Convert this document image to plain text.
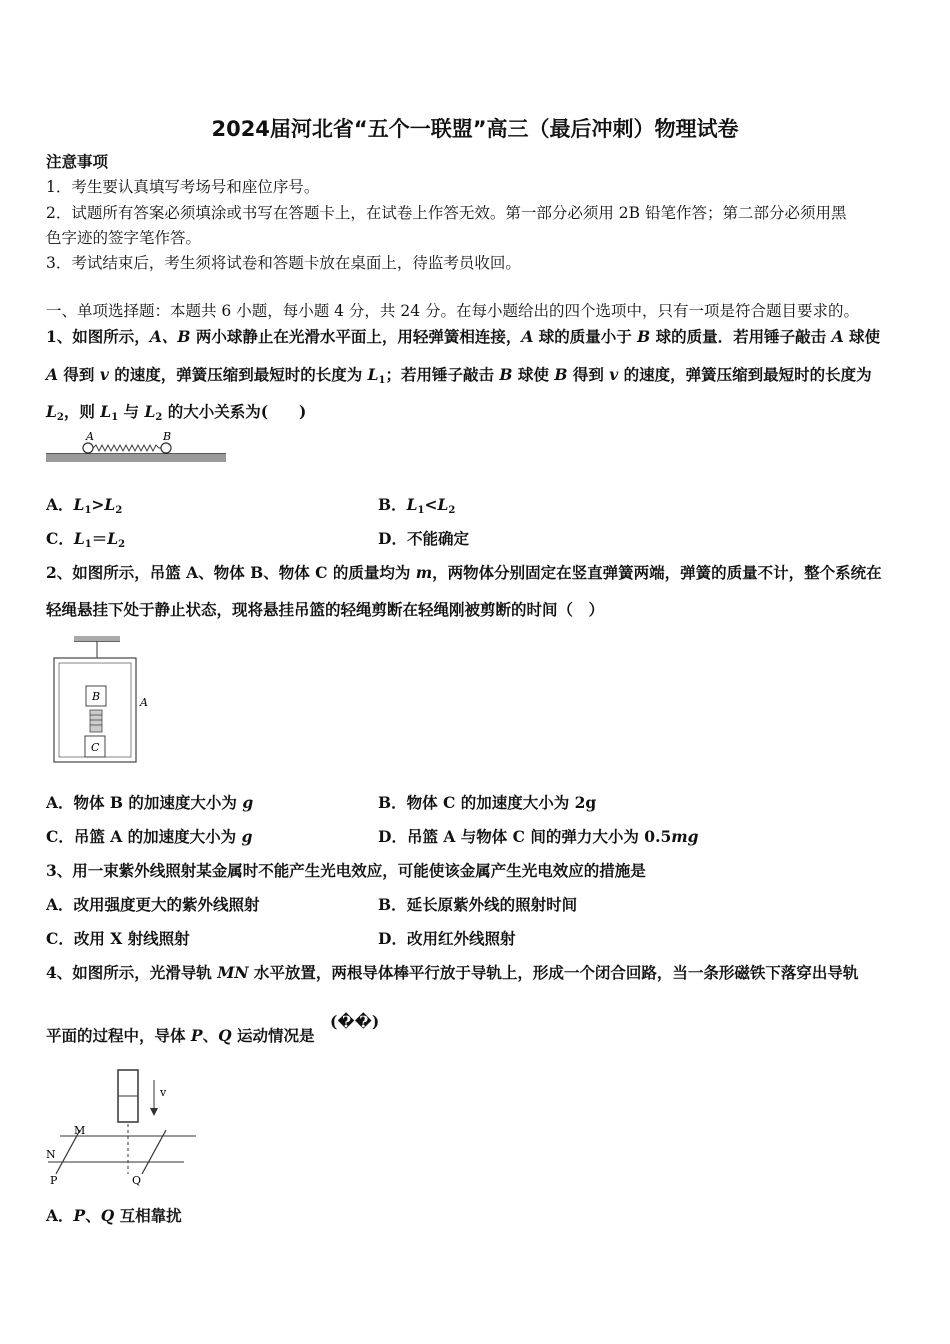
2024届河北省“五个一联盟”高三（最后冲刺）物理试卷
注意事项
1．考生要认真填写考场号和座位序号。
2．试题所有答案必须填涂或书写在答题卡上，在试卷上作答无效。第一部分必须用 2B 铅笔作答；第二部分必须用黑
色字迹的签字笔作答。
3．考试结束后，考生须将试卷和答题卡放在桌面上，待监考员收回。
一、单项选择题：本题共 6 小题，每小题 4 分，共 24 分。在每小题给出的四个选项中，只有一项是符合题目要求的。
1、如图所示，A、B 两小球静止在光滑水平面上，用轻弹簧相连接，A 球的质量小于 B 球的质量．若用锤子敲击 A 球使
A 得到 v 的速度，弹簧压缩到最短时的长度为 $L_1$；若用锤子敲击 B 球使 B 得到 v 的速度，弹簧压缩到最短时的长度为
$L_2$，则 $L_1$ 与 $L_2$ 的大小关系为(　　)
A	B
A．$L_1>L_2$	B．$L_1<L_2$
C．$L_1=L_2$	D．不能确定
2、如图所示，吊篮 A、物体 B、物体 C 的质量均为 m，两物体分别固定在竖直弹簧两端，弹簧的质量不计，整个系统在
轻绳悬挂下处于静止状态，现将悬挂吊篮的轻绳剪断在轻绳刚被剪断的时间（　）
B
C
A
A．物体 B 的加速度大小为 g	B．物体 C 的加速度大小为 2g
C．吊篮 A 的加速度大小为 g	D．吊篮 A 与物体 C 间的弹力大小为 0.5mg
3、用一束紫外线照射某金属时不能产生光电效应，可能使该金属产生光电效应的措施是
A．改用强度更大的紫外线照射	B．延长原紫外线的照射时间
C．改用 X 射线照射	D．改用红外线照射
4、如图所示，光滑导轨 MN 水平放置，两根导体棒平行放于导轨上，形成一个闭合回路，当一条形磁铁下落穿出导轨
平面的过程中，导体 P、Q 运动情况是
(��)
v
M
N
P	Q
A．P、Q 互相靠扰
